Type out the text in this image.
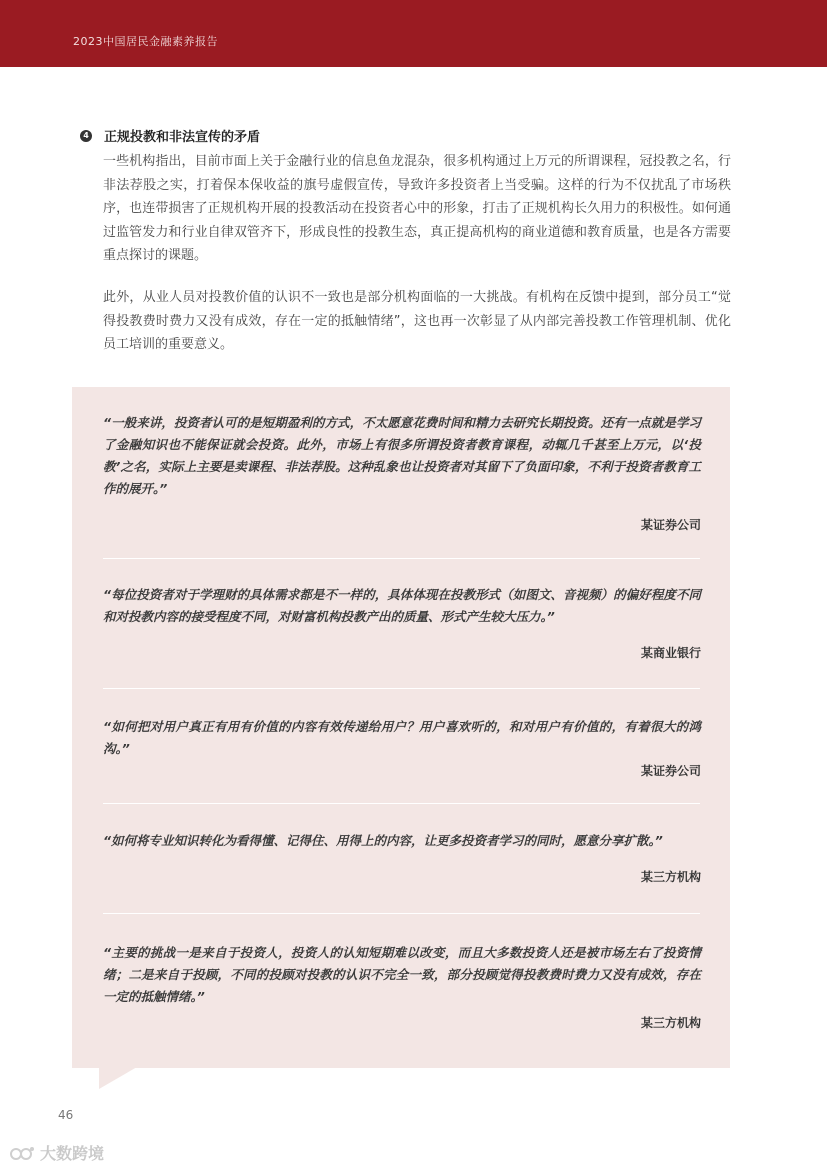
2023中国居民金融素养报告
4 正规投教和非法宣传的矛盾

一些机构指出，目前市面上关于金融行业的信息鱼龙混杂，很多机构通过上万元的所谓课程，冠投教之名，行非法荐股之实，打着保本保收益的旗号虚假宣传，导致许多投资者上当受骗。这样的行为不仅扰乱了市场秩序，也连带损害了正规机构开展的投教活动在投资者心中的形象，打击了正规机构长久用力的积极性。如何通过监管发力和行业自律双管齐下，形成良性的投教生态，真正提高机构的商业道德和教育质量，也是各方需要重点探讨的课题。

此外，从业人员对投教价值的认识不一致也是部分机构面临的一大挑战。有机构在反馈中提到，部分员工“觉得投教费时费力又没有成效，存在一定的抵触情绪”，这也再一次彰显了从内部完善投教工作管理机制、优化员工培训的重要意义。

“一般来讲，投资者认可的是短期盈利的方式，不太愿意花费时间和精力去研究长期投资。还有一点就是学习了金融知识也不能保证就会投资。此外，市场上有很多所谓投资者教育课程，动辄几千甚至上万元，以‘投教’之名，实际上主要是卖课程、非法荐股。这种乱象也让投资者对其留下了负面印象，不利于投资者教育工作的展开。”

某证券公司

“每位投资者对于学理财的具体需求都是不一样的，具体体现在投教形式（如图文、音视频）的偏好程度不同和对投教内容的接受程度不同，对财富机构投教产出的质量、形式产生较大压力。”

某商业银行

“如何把对用户真正有用有价值的内容有效传递给用户？用户喜欢听的，和对用户有价值的，有着很大的鸿沟。”

某证券公司

“如何将专业知识转化为看得懂、记得住、用得上的内容，让更多投资者学习的同时，愿意分享扩散。”

某三方机构

“主要的挑战一是来自于投资人，投资人的认知短期难以改变，而且大多数投资人还是被市场左右了投资情绪；二是来自于投顾，不同的投顾对投教的认识不完全一致，部分投顾觉得投教费时费力又没有成效，存在一定的抵触情绪。”

某三方机构
46
大数跨境
